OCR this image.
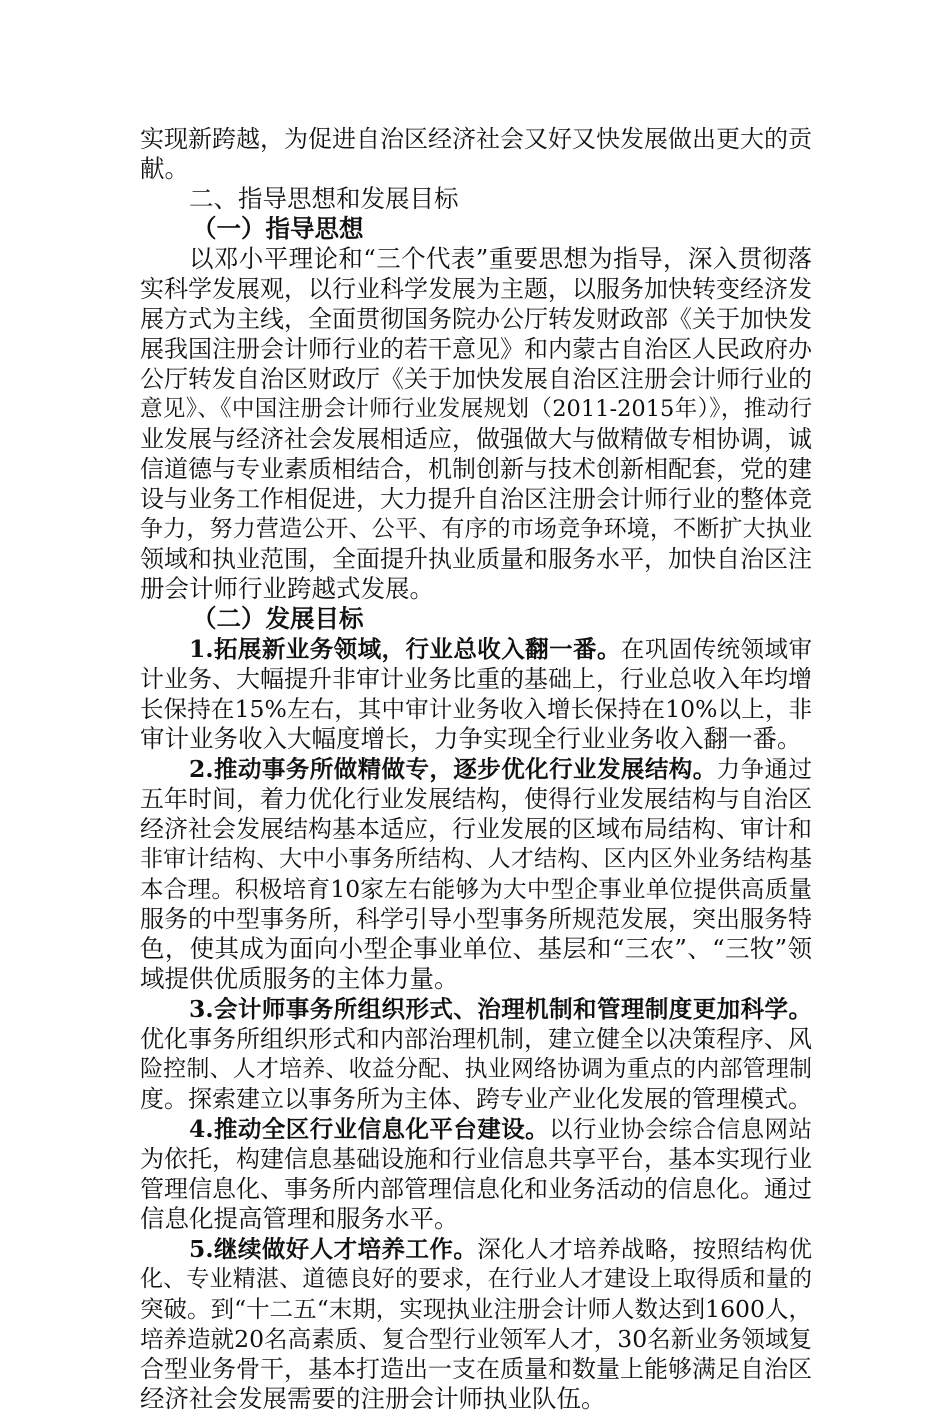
实现新跨越，为促进自治区经济社会又好又快发展做出更大的贡
献。
二、指导思想和发展目标
（一）指导思想
以邓小平理论和“三个代表”重要思想为指导，深入贯彻落
实科学发展观，以行业科学发展为主题，以服务加快转变经济发
展方式为主线，全面贯彻国务院办公厅转发财政部《关于加快发
展我国注册会计师行业的若干意见》和内蒙古自治区人民政府办
公厅转发自治区财政厅《关于加快发展自治区注册会计师行业的
意见》、《中国注册会计师行业发展规划（2011-2015年）》，推动行
业发展与经济社会发展相适应，做强做大与做精做专相协调，诚
信道德与专业素质相结合，机制创新与技术创新相配套，党的建
设与业务工作相促进，大力提升自治区注册会计师行业的整体竞
争力，努力营造公开、公平、有序的市场竞争环境，不断扩大执业
领域和执业范围，全面提升执业质量和服务水平，加快自治区注
册会计师行业跨越式发展。
（二）发展目标
1.拓展新业务领域，行业总收入翻一番。在巩固传统领域审
计业务、大幅提升非审计业务比重的基础上，行业总收入年均增
长保持在15%左右，其中审计业务收入增长保持在10%以上，非
审计业务收入大幅度增长，力争实现全行业业务收入翻一番。
2.推动事务所做精做专，逐步优化行业发展结构。力争通过
五年时间，着力优化行业发展结构，使得行业发展结构与自治区
经济社会发展结构基本适应，行业发展的区域布局结构、审计和
非审计结构、大中小事务所结构、人才结构、区内区外业务结构基
本合理。积极培育10家左右能够为大中型企事业单位提供高质量
服务的中型事务所，科学引导小型事务所规范发展，突出服务特
色，使其成为面向小型企事业单位、基层和“三农”、“三牧”领
域提供优质服务的主体力量。
3.会计师事务所组织形式、治理机制和管理制度更加科学。
优化事务所组织形式和内部治理机制，建立健全以决策程序、风
险控制、人才培养、收益分配、执业网络协调为重点的内部管理制
度。探索建立以事务所为主体、跨专业产业化发展的管理模式。
4.推动全区行业信息化平台建设。以行业协会综合信息网站
为依托，构建信息基础设施和行业信息共享平台，基本实现行业
管理信息化、事务所内部管理信息化和业务活动的信息化。通过
信息化提高管理和服务水平。
5.继续做好人才培养工作。深化人才培养战略，按照结构优
化、专业精湛、道德良好的要求，在行业人才建设上取得质和量的
突破。到“十二五“末期，实现执业注册会计师人数达到1600人，
培养造就20名高素质、复合型行业领军人才，30名新业务领域复
合型业务骨干，基本打造出一支在质量和数量上能够满足自治区
经济社会发展需要的注册会计师执业队伍。
